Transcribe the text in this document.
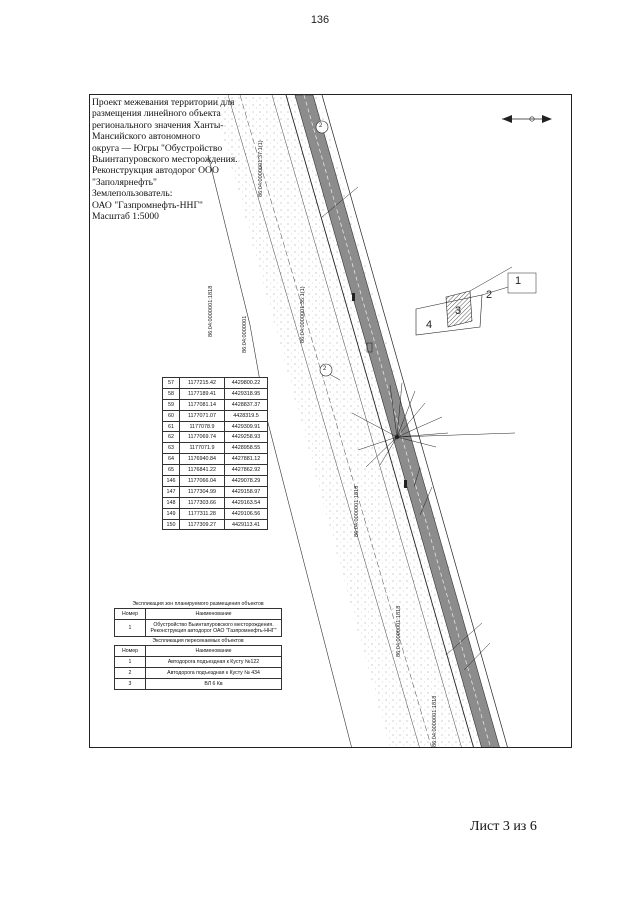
136
Проект межевания территории для
размещения линейного объекта
регионального значения Ханты-
Мансийского автономного
округа — Югры "Обустройство
Выинтапуровского месторождения.
Реконструкция автодорог ООО
"Заполярнефть"
Землепользователь:
ОАО "Газпромнефть-ННГ"
Масштаб 1:5000
86:04:0000001:1818	86:04:0000001	86:04:0000001:35:1(1)
86:04:0000001:37:1(1)
86:04:0000001:1818
86:04:0000001:1818
86:04:0000001:1818
2
2
1
2
3
4
57	1177215.42	4429800.22
58	1177189.41	4429318.95
59	1177081.14	4428837.37
60	1177071.07	4428319.5
61	1177078.9	4429309.91
62	1177069.74	4429258.93
63	1177071.9	4428958.55
64	1176940.84	4427881.12
65	1176841.22	4427862.92
146	1177066.04	4429078.29
147	1177304.99	4429158.97
148	1177303.66	4429163.54
149	1177311.28	4429106.56
150	1177309.27	4429113.41
Экспликация зон планируемого размещения объектов
Номер	Наименование
1	Обустройство Выинтапуровского месторождения. Реконструкция автодорог ОАО "Газпромнефть-ННГ"
Экспликация пересекаемых объектов
Номер	Наименование
1	Автодорога подъездная к Кусту №122
2	Автодорога подъездная к Кусту № 434
3	ВЛ 6 Кв
Лист 3 из 6
